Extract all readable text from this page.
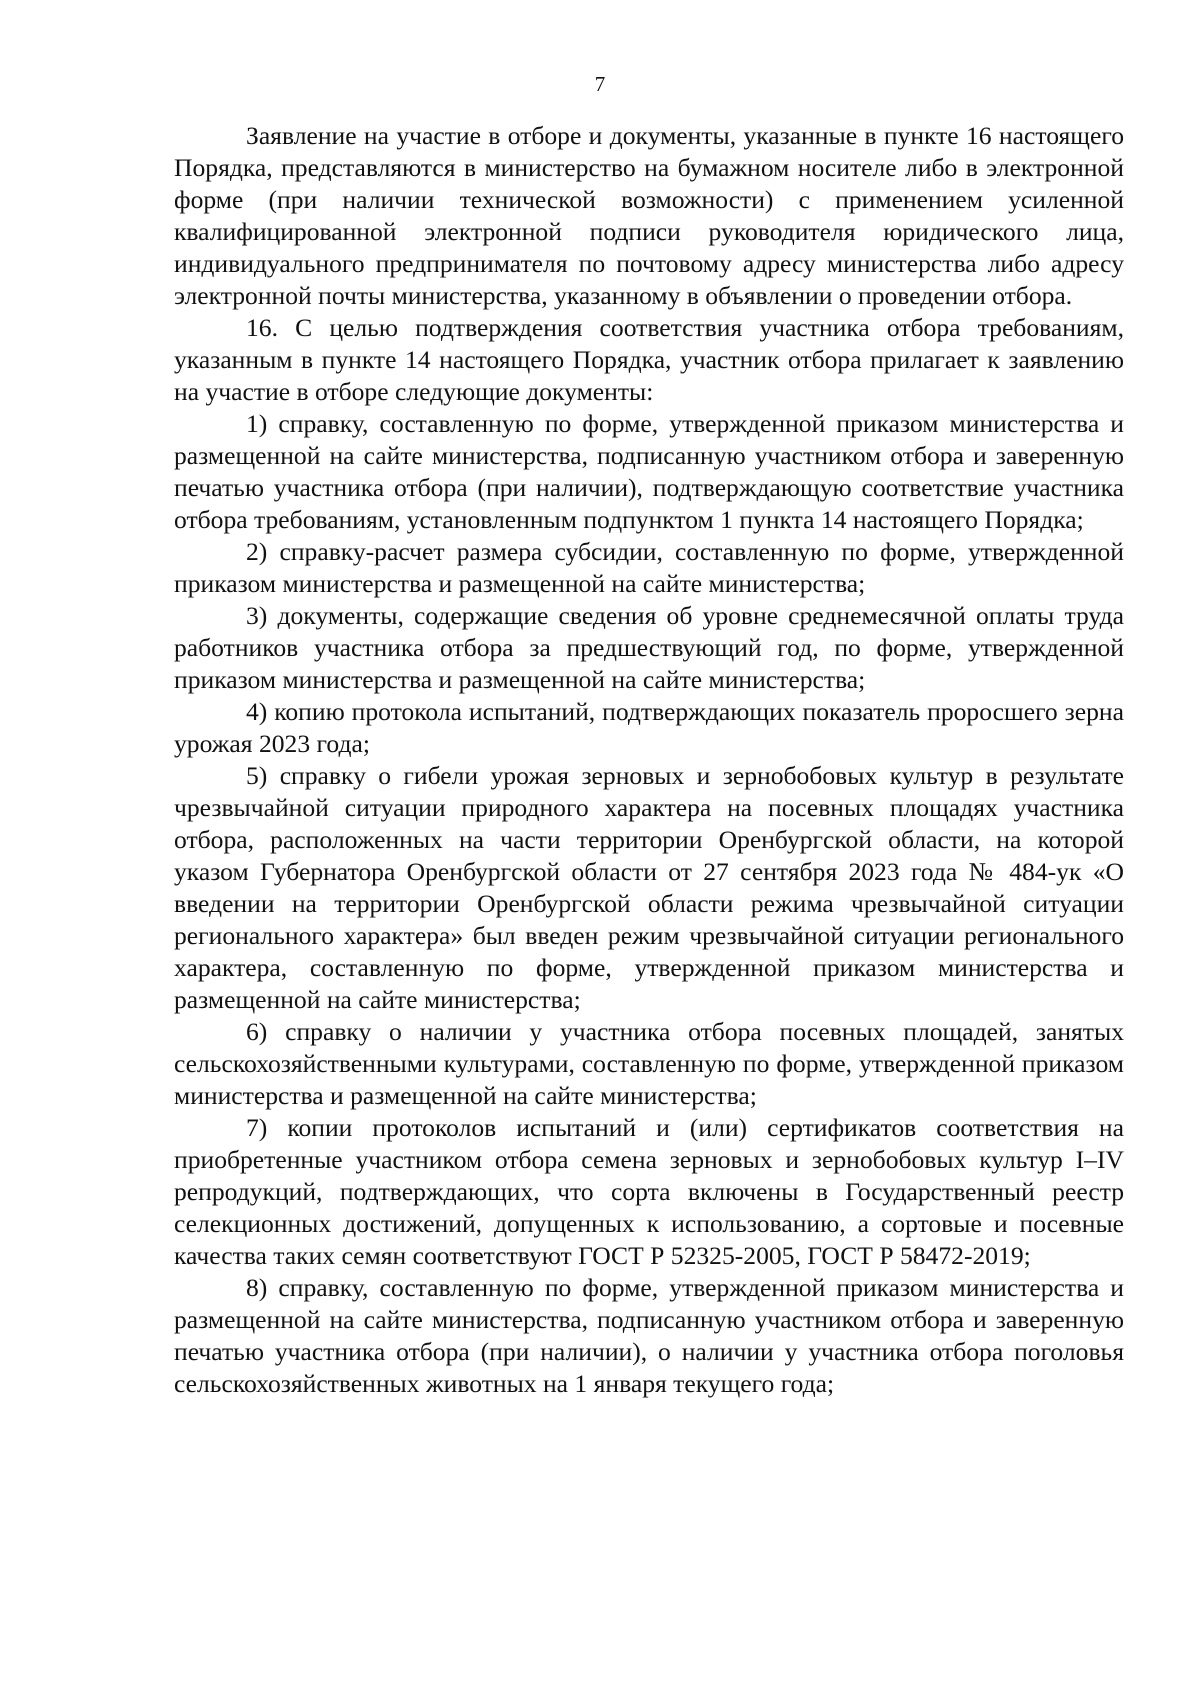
7

Заявление на участие в отборе и документы, указанные в пункте 16 настоящего Порядка, представляются в министерство на бумажном носителе либо в электронной форме (при наличии технической возможности) с применением усиленной квалифицированной электронной подписи руководителя юридического лица, индивидуального предпринимателя по почтовому адресу министерства либо адресу электронной почты министерства, указанному в объявлении о проведении отбора.

16. С целью подтверждения соответствия участника отбора требованиям, указанным в пункте 14 настоящего Порядка, участник отбора прилагает к заявлению на участие в отборе следующие документы:

1) справку, составленную по форме, утвержденной приказом министерства и размещенной на сайте министерства, подписанную участником отбора и заверенную печатью участника отбора (при наличии), подтверждающую соответствие участника отбора требованиям, установленным подпунктом 1 пункта 14 настоящего Порядка;

2) справку-расчет размера субсидии, составленную по форме, утвержденной приказом министерства и размещенной на сайте министерства;

3) документы, содержащие сведения об уровне среднемесячной оплаты труда работников участника отбора за предшествующий год, по форме, утвержденной приказом министерства и размещенной на сайте министерства;

4) копию протокола испытаний, подтверждающих показатель проросшего зерна урожая 2023 года;

5) справку о гибели урожая зерновых и зернобобовых культур в результате чрезвычайной ситуации природного характера на посевных площадях участника отбора, расположенных на части территории Оренбургской области, на которой указом Губернатора Оренбургской области от 27 сентября 2023 года № 484-ук «О введении на территории Оренбургской области режима чрезвычайной ситуации регионального характера» был введен режим чрезвычайной ситуации регионального характера, составленную по форме, утвержденной приказом министерства и размещенной на сайте министерства;

6) справку о наличии у участника отбора посевных площадей, занятых сельскохозяйственными культурами, составленную по форме, утвержденной приказом министерства и размещенной на сайте министерства;

7) копии протоколов испытаний и (или) сертификатов соответствия на приобретенные участником отбора семена зерновых и зернобобовых культур I–IV репродукций, подтверждающих, что сорта включены в Государственный реестр селекционных достижений, допущенных к использованию, а сортовые и посевные качества таких семян соответствуют ГОСТ Р 52325-2005, ГОСТ Р 58472-2019;

8) справку, составленную по форме, утвержденной приказом министерства и размещенной на сайте министерства, подписанную участником отбора и заверенную печатью участника отбора (при наличии), о наличии у участника отбора поголовья сельскохозяйственных животных на 1 января текущего года;
